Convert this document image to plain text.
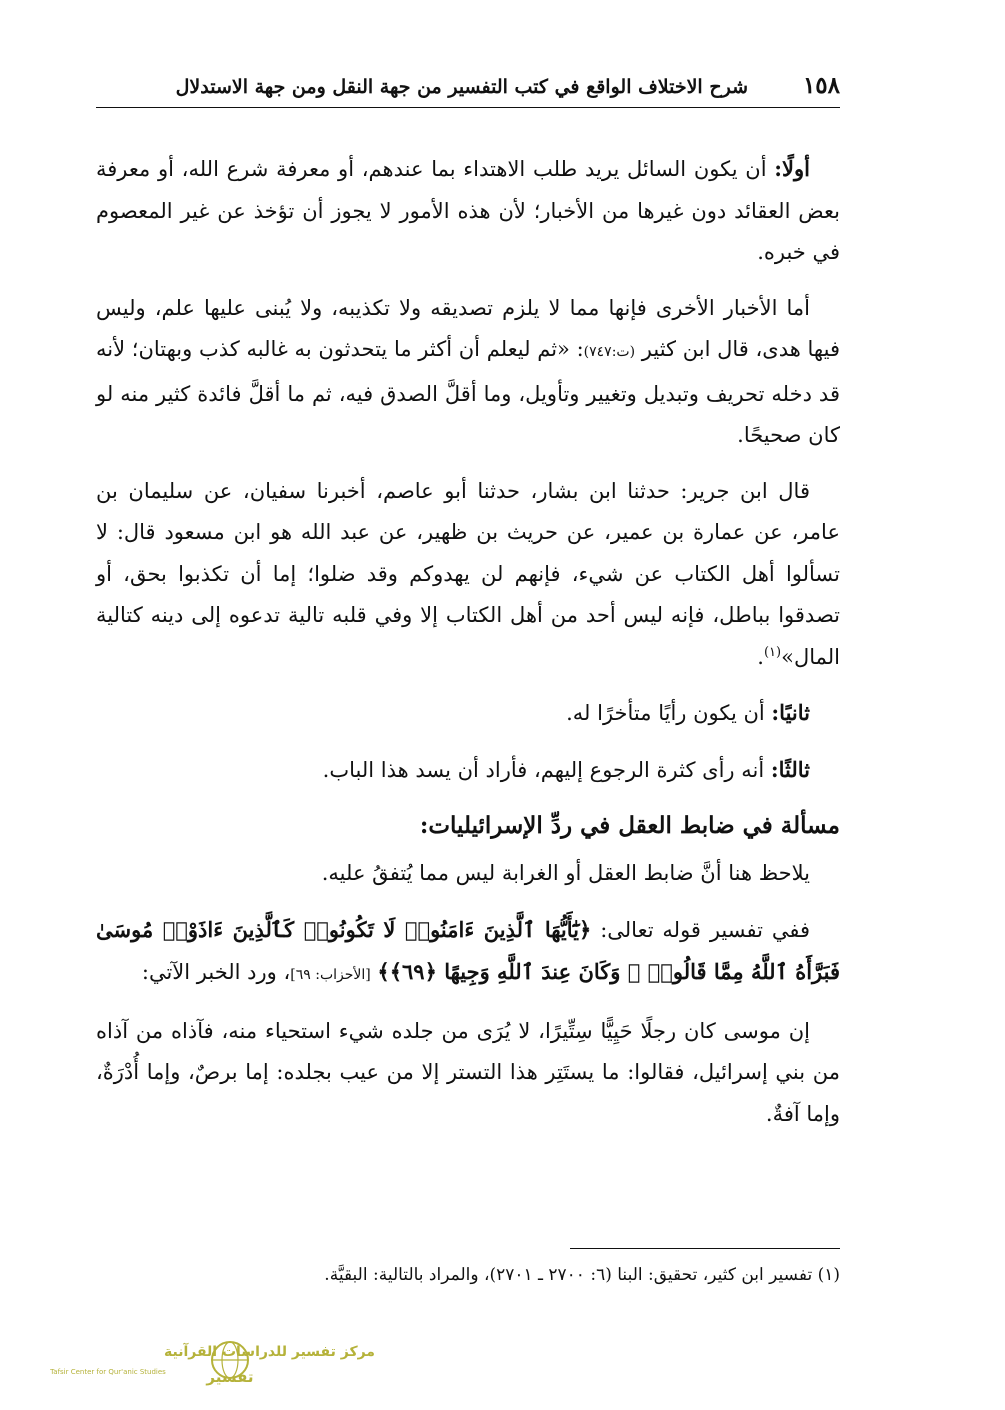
١٥٨
شرح الاختلاف الواقع في كتب التفسير من جهة النقل ومن جهة الاستدلال

أولًا: أن يكون السائل يريد طلب الاهتداء بما عندهم، أو معرفة شرع الله، أو معرفة بعض العقائد دون غيرها من الأخبار؛ لأن هذه الأمور لا يجوز أن تؤخذ عن غير المعصوم في خبره.

أما الأخبار الأخرى فإنها مما لا يلزم تصديقه ولا تكذيبه، ولا يُبنى عليها علم، وليس فيها هدى، قال ابن كثير (ت:٧٤٧): «ثم ليعلم أن أكثر ما يتحدثون به غالبه كذب وبهتان؛ لأنه قد دخله تحريف وتبديل وتغيير وتأويل، وما أقلَّ الصدق فيه، ثم ما أقلَّ فائدة كثير منه لو كان صحيحًا.

قال ابن جرير: حدثنا ابن بشار، حدثنا أبو عاصم، أخبرنا سفيان، عن سليمان بن عامر، عن عمارة بن عمير، عن حريث بن ظهير، عن عبد الله هو ابن مسعود قال: لا تسألوا أهل الكتاب عن شيء، فإنهم لن يهدوكم وقد ضلوا؛ إما أن تكذبوا بحق، أو تصدقوا بباطل، فإنه ليس أحد من أهل الكتاب إلا وفي قلبه تالية تدعوه إلى دينه كتالية المال»$^{(١)}$.

ثانيًا: أن يكون رأيًا متأخرًا له.

ثالثًا: أنه رأى كثرة الرجوع إليهم، فأراد أن يسد هذا الباب.

مسألة في ضابط العقل في ردِّ الإسرائيليات:

يلاحظ هنا أنَّ ضابط العقل أو الغرابة ليس مما يُتفقُ عليه.

ففي تفسير قوله تعالى: ﴿يَٰٓأَيُّهَا ٱلَّذِينَ ءَامَنُوا۟ لَا تَكُونُوا۟ كَٱلَّذِينَ ءَاذَوْا۟ مُوسَىٰ فَبَرَّأَهُ ٱللَّهُ مِمَّا قَالُوا۟ ۚ وَكَانَ عِندَ ٱللَّهِ وَجِيهًا ﴿٦٩﴾﴾ [الأحزاب: ٦٩]، ورد الخبر الآتي:

إن موسى كان رجلًا حَيِيًّا سِتِّيرًا، لا يُرَى من جلده شيء استحياء منه، فآذاه من آذاه من بني إسرائيل، فقالوا: ما يستَتِر هذا التستر إلا من عيب بجلده: إما برصٌ، وإما أُدْرَةٌ، وإما آفةٌ.

(١) تفسير ابن كثير، تحقيق: البنا (٦: ٢٧٠٠ ـ ٢٧٠١)، والمراد بالتالية: البقيَّة.
مركز تفسير للدراسات القرآنية
Tafsir Center for Qur'anic Studies	تفسير
